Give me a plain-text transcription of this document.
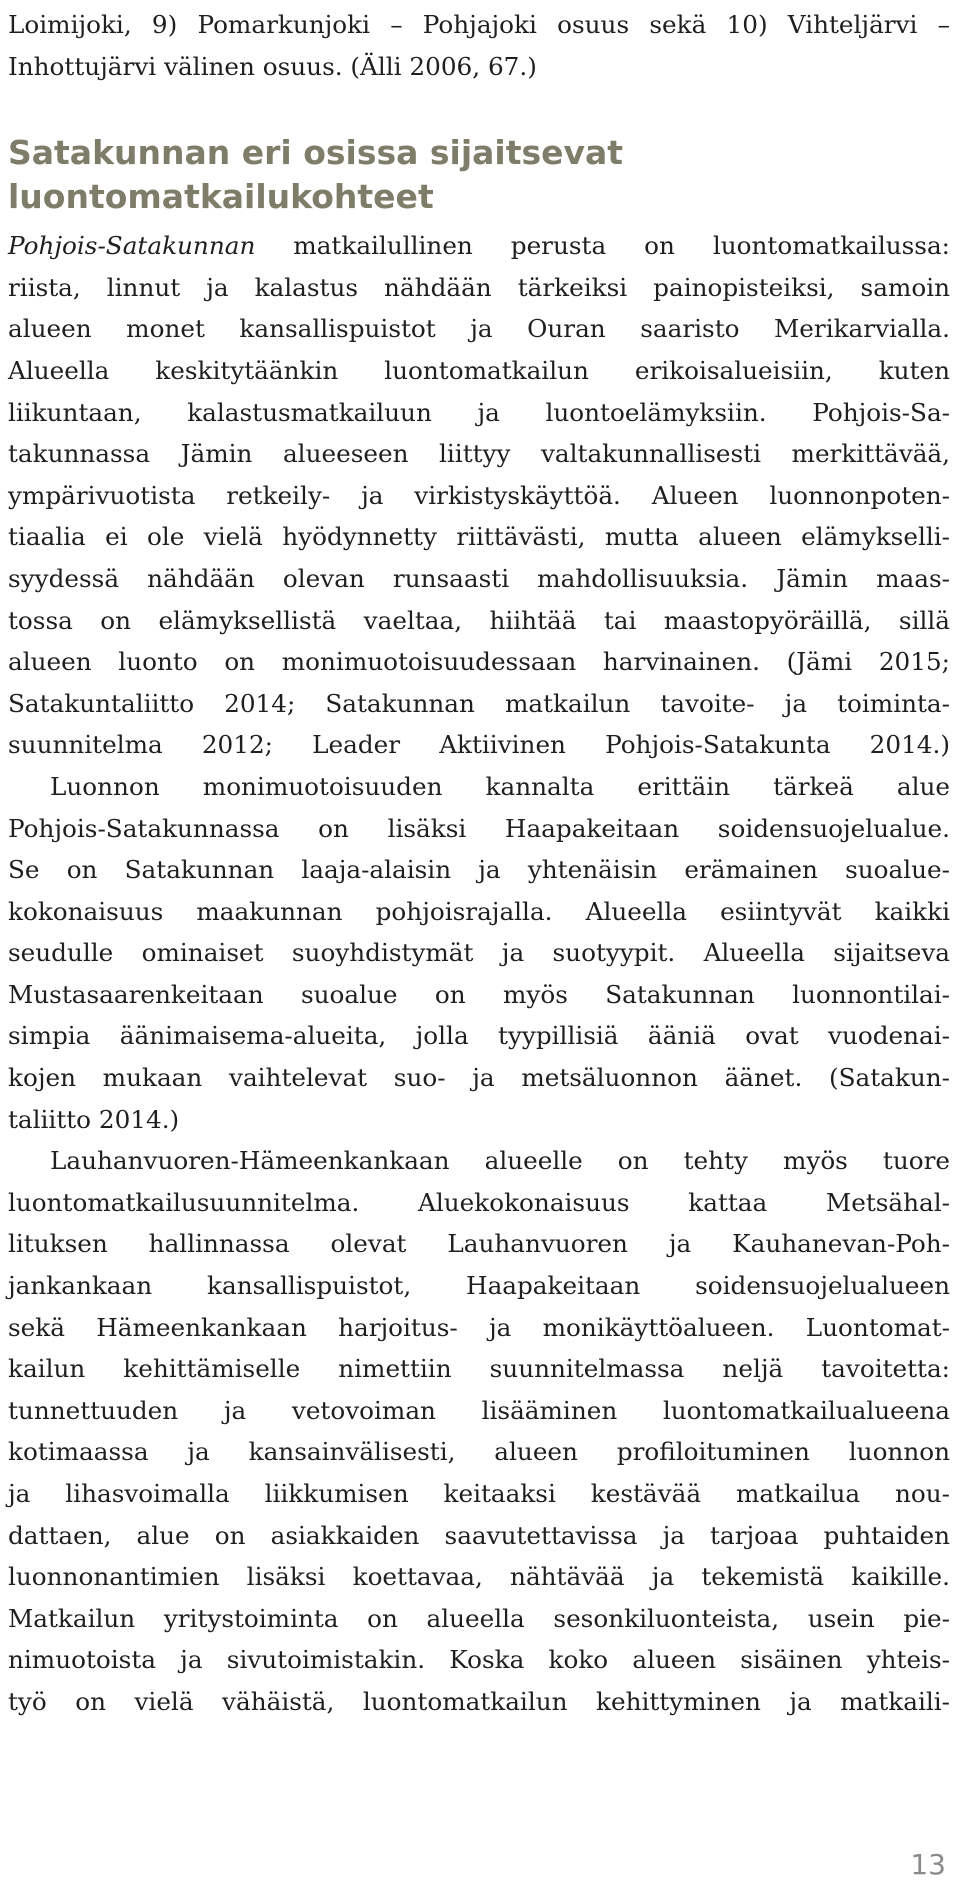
Loimijoki, 9) Pomarkunjoki – Pohjajoki osuus sekä 10) Vihteljärvi –
Inhottujärvi välinen osuus. (Älli 2006, 67.)
Satakunnan eri osissa sijaitsevat
luontomatkailukohteet
Pohjois-Satakunnan matkailullinen perusta on luontomatkailussa:
riista, linnut ja kalastus nähdään tärkeiksi painopisteiksi, samoin
alueen monet kansallispuistot ja Ouran saaristo Merikarvialla.
Alueella keskitytäänkin luontomatkailun erikoisalueisiin, kuten
liikuntaan, kalastusmatkailuun ja luontoelämyksiin. Pohjois-Sa-
takunnassa Jämin alueeseen liittyy valtakunnallisesti merkittävää,
ympärivuotista retkeily- ja virkistyskäyttöä. Alueen luonnonpoten-
tiaalia ei ole vielä hyödynnetty riittävästi, mutta alueen elämykselli-
syydessä nähdään olevan runsaasti mahdollisuuksia. Jämin maas-
tossa on elämyksellistä vaeltaa, hiihtää tai maastopyöräillä, sillä
alueen luonto on monimuotoisuudessaan harvinainen. (Jämi 2015;
Satakuntaliitto 2014; Satakunnan matkailun tavoite- ja toiminta-
suunnitelma 2012; Leader Aktiivinen Pohjois-Satakunta 2014.)
Luonnon monimuotoisuuden kannalta erittäin tärkeä alue
Pohjois-Satakunnassa on lisäksi Haapakeitaan soidensuojelualue.
Se on Satakunnan laaja-alaisin ja yhtenäisin erämainen suoalue-
kokonaisuus maakunnan pohjoisrajalla. Alueella esiintyvät kaikki
seudulle ominaiset suoyhdistymät ja suotyypit. Alueella sijaitseva
Mustasaarenkeitaan suoalue on myös Satakunnan luonnontilai-
simpia äänimaisema-alueita, jolla tyypillisiä ääniä ovat vuodenai-
kojen mukaan vaihtelevat suo- ja metsäluonnon äänet. (Satakun-
taliitto 2014.)
Lauhanvuoren-Hämeenkankaan alueelle on tehty myös tuore
luontomatkailusuunnitelma. Aluekokonaisuus kattaa Metsähal-
lituksen hallinnassa olevat Lauhanvuoren ja Kauhanevan-Poh-
jankankaan kansallispuistot, Haapakeitaan soidensuojelualueen
sekä Hämeenkankaan harjoitus- ja monikäyttöalueen. Luontomat-
kailun kehittämiselle nimettiin suunnitelmassa neljä tavoitetta:
tunnettuuden ja vetovoiman lisääminen luontomatkailualueena
kotimaassa ja kansainvälisesti, alueen profiloituminen luonnon
ja lihasvoimalla liikkumisen keitaaksi kestävää matkailua nou-
dattaen, alue on asiakkaiden saavutettavissa ja tarjoaa puhtaiden
luonnonantimien lisäksi koettavaa, nähtävää ja tekemistä kaikille.
Matkailun yritystoiminta on alueella sesonkiluonteista, usein pie-
nimuotoista ja sivutoimistakin. Koska koko alueen sisäinen yhteis-
työ on vielä vähäistä, luontomatkailun kehittyminen ja matkaili-
13
